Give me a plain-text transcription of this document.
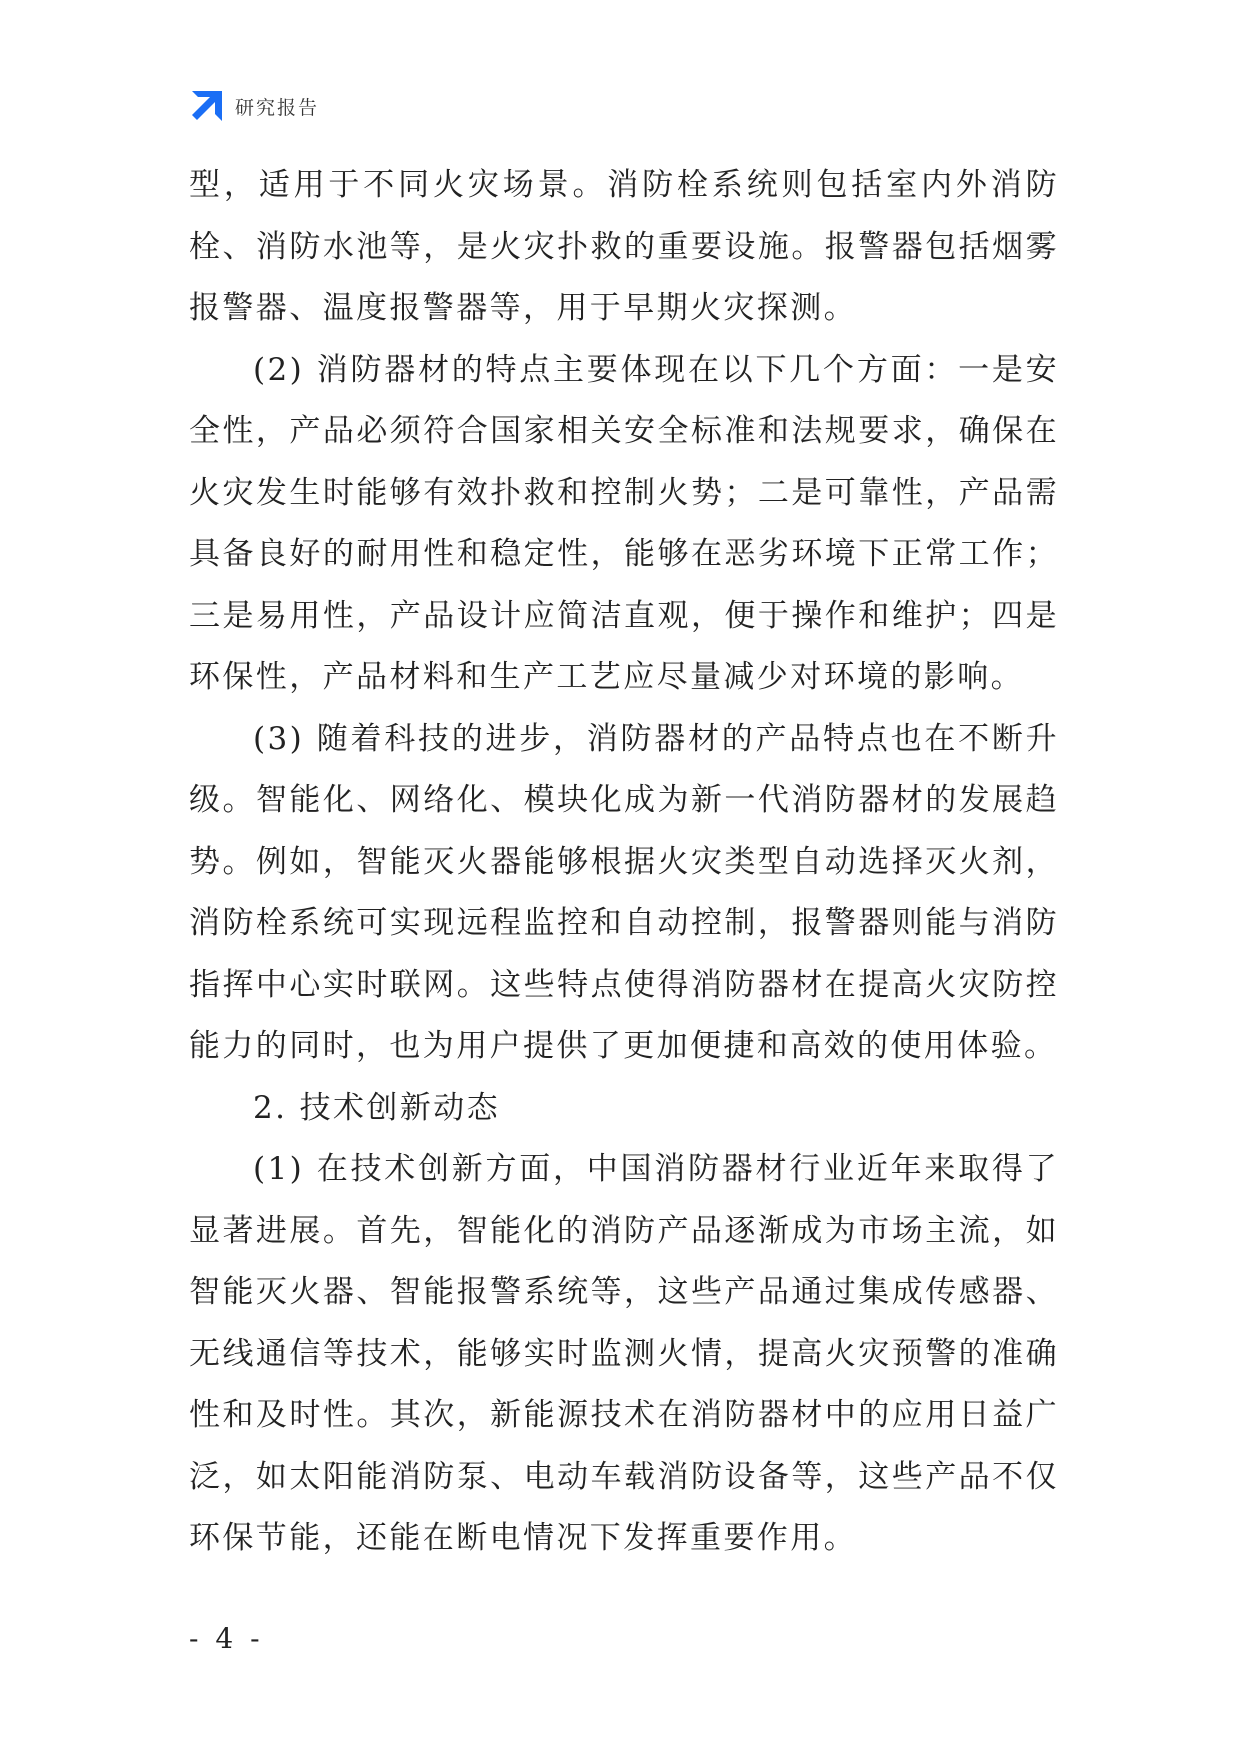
研究报告

型，适用于不同火灾场景。消防栓系统则包括室内外消防栓、消防水池等，是火灾扑救的重要设施。报警器包括烟雾报警器、温度报警器等，用于早期火灾探测。

(2) 消防器材的特点主要体现在以下几个方面：一是安全性，产品必须符合国家相关安全标准和法规要求，确保在火灾发生时能够有效扑救和控制火势；二是可靠性，产品需具备良好的耐用性和稳定性，能够在恶劣环境下正常工作；三是易用性，产品设计应简洁直观，便于操作和维护；四是环保性，产品材料和生产工艺应尽量减少对环境的影响。

(3) 随着科技的进步，消防器材的产品特点也在不断升级。智能化、网络化、模块化成为新一代消防器材的发展趋势。例如，智能灭火器能够根据火灾类型自动选择灭火剂，消防栓系统可实现远程监控和自动控制，报警器则能与消防指挥中心实时联网。这些特点使得消防器材在提高火灾防控能力的同时，也为用户提供了更加便捷和高效的使用体验。

2. 技术创新动态

(1) 在技术创新方面，中国消防器材行业近年来取得了显著进展。首先，智能化的消防产品逐渐成为市场主流，如智能灭火器、智能报警系统等，这些产品通过集成传感器、无线通信等技术，能够实时监测火情，提高火灾预警的准确性和及时性。其次，新能源技术在消防器材中的应用日益广泛，如太阳能消防泵、电动车载消防设备等，这些产品不仅环保节能，还能在断电情况下发挥重要作用。

- 4 -
